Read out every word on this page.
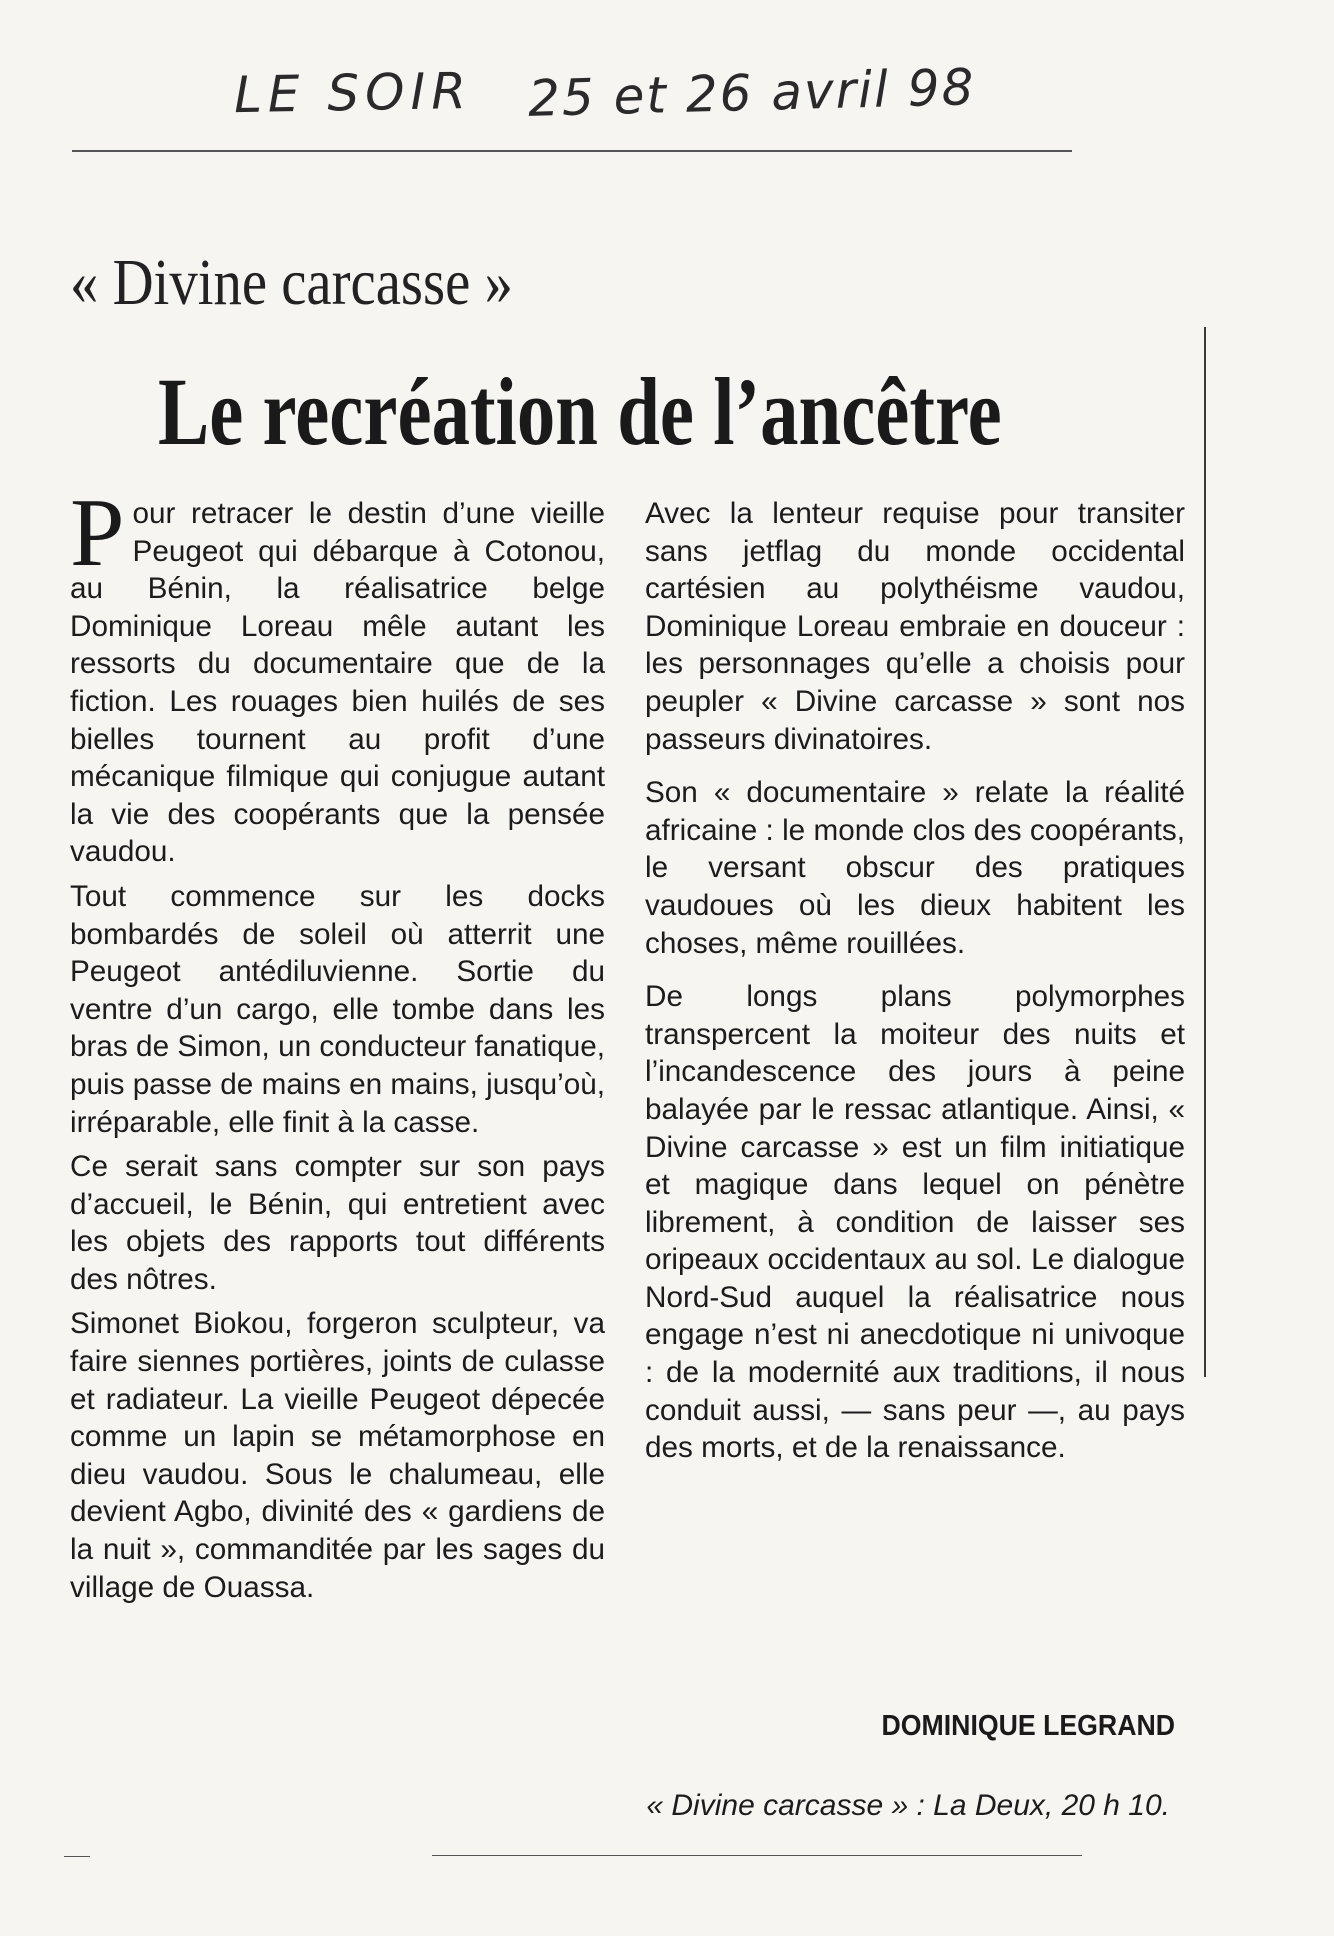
LE SOIR 25 et 26 avril 98
« Divine carcasse »
Le recréation de l’ancêtre

Pour retracer le destin d’une vieille Peugeot qui débarque à Cotonou, au Bénin, la réalisatrice belge Dominique Loreau mêle autant les ressorts du documentaire que de la fiction. Les rouages bien huilés de ses bielles tournent au profit d’une mécanique filmique qui conjugue autant la vie des coopérants que la pensée vaudou.

Tout commence sur les docks bombardés de soleil où atterrit une Peugeot antédiluvienne. Sortie du ventre d’un cargo, elle tombe dans les bras de Simon, un conducteur fanatique, puis passe de mains en mains, jusqu’où, irréparable, elle finit à la casse.

Ce serait sans compter sur son pays d’accueil, le Bénin, qui entretient avec les objets des rapports tout différents des nôtres.

Simonet Biokou, forgeron sculpteur, va faire siennes portières, joints de culasse et radiateur. La vieille Peugeot dépecée comme un lapin se métamorphose en dieu vaudou. Sous le chalumeau, elle devient Agbo, divinité des « gardiens de la nuit », commanditée par les sages du village de Ouassa.

Avec la lenteur requise pour transiter sans jetflag du monde occidental cartésien au polythéisme vaudou, Dominique Loreau embraie en douceur : les personnages qu’elle a choisis pour peupler « Divine carcasse » sont nos passeurs divinatoires.

Son « documentaire » relate la réalité africaine : le monde clos des coopérants, le versant obscur des pratiques vaudoues où les dieux habitent les choses, même rouillées.

De longs plans polymorphes transpercent la moiteur des nuits et l’incandescence des jours à peine balayée par le ressac atlantique. Ainsi, « Divine carcasse » est un film initiatique et magique dans lequel on pénètre librement, à condition de laisser ses oripeaux occidentaux au sol. Le dialogue Nord-Sud auquel la réalisatrice nous engage n’est ni anecdotique ni univoque : de la modernité aux traditions, il nous conduit aussi, — sans peur —, au pays des morts, et de la renaissance.

DOMINIQUE LEGRAND
« Divine carcasse » : La Deux, 20 h 10.
